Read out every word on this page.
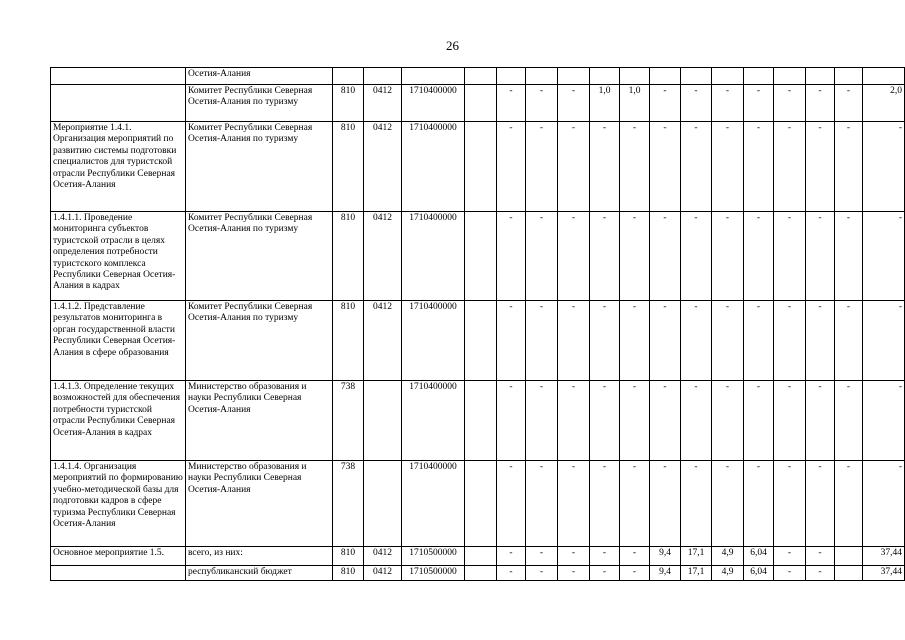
26
	Осетия-Алания																	
	Комитет Республики Северная Осетия-Алания по туризму	810	0412	1710400000		-	-	-	1,0	1,0	-	-	-	-	-	-	-	2,0
Мероприятие 1.4.1. Организация мероприятий по развитию системы подготовки специалистов для туристской отрасли Республики Северная Осетия-Алания	Комитет Республики Северная Осетия-Алания по туризму	810	0412	1710400000		-	-	-	-	-	-	-	-	-	-	-	-	-
1.4.1.1. Проведение мониторинга субъектов туристской отрасли в целях определения потребности туристского комплекса Республики Северная Осетия-Алания в кадрах	Комитет Республики Северная Осетия-Алания по туризму	810	0412	1710400000		-	-	-	-	-	-	-	-	-	-	-	-	-
1.4.1.2. Представление результатов мониторинга в орган государственной власти Республики Северная Осетия-Алания в сфере образования	Комитет Республики Северная Осетия-Алания по туризму	810	0412	1710400000		-	-	-	-	-	-	-	-	-	-	-	-	-
1.4.1.3. Определение текущих возможностей для обеспечения потребности туристской отрасли Республики Северная Осетия-Алания в кадрах	Министерство образования и науки Республики Северная Осетия-Алания	738		1710400000		-	-	-	-	-	-	-	-	-	-	-	-	-
1.4.1.4. Организация мероприятий по формированию учебно-методической базы для подготовки кадров в сфере туризма Республики Северная Осетия-Алания	Министерство образования и науки Республики Северная Осетия-Алания	738		1710400000		-	-	-	-	-	-	-	-	-	-	-	-	-
Основное мероприятие 1.5.	всего, из них:	810	0412	1710500000		-	-	-	-	-	9,4	17,1	4,9	6,04	-	-		37,44
	республиканский бюджет	810	0412	1710500000		-	-	-	-	-	9,4	17,1	4,9	6,04	-	-		37,44
